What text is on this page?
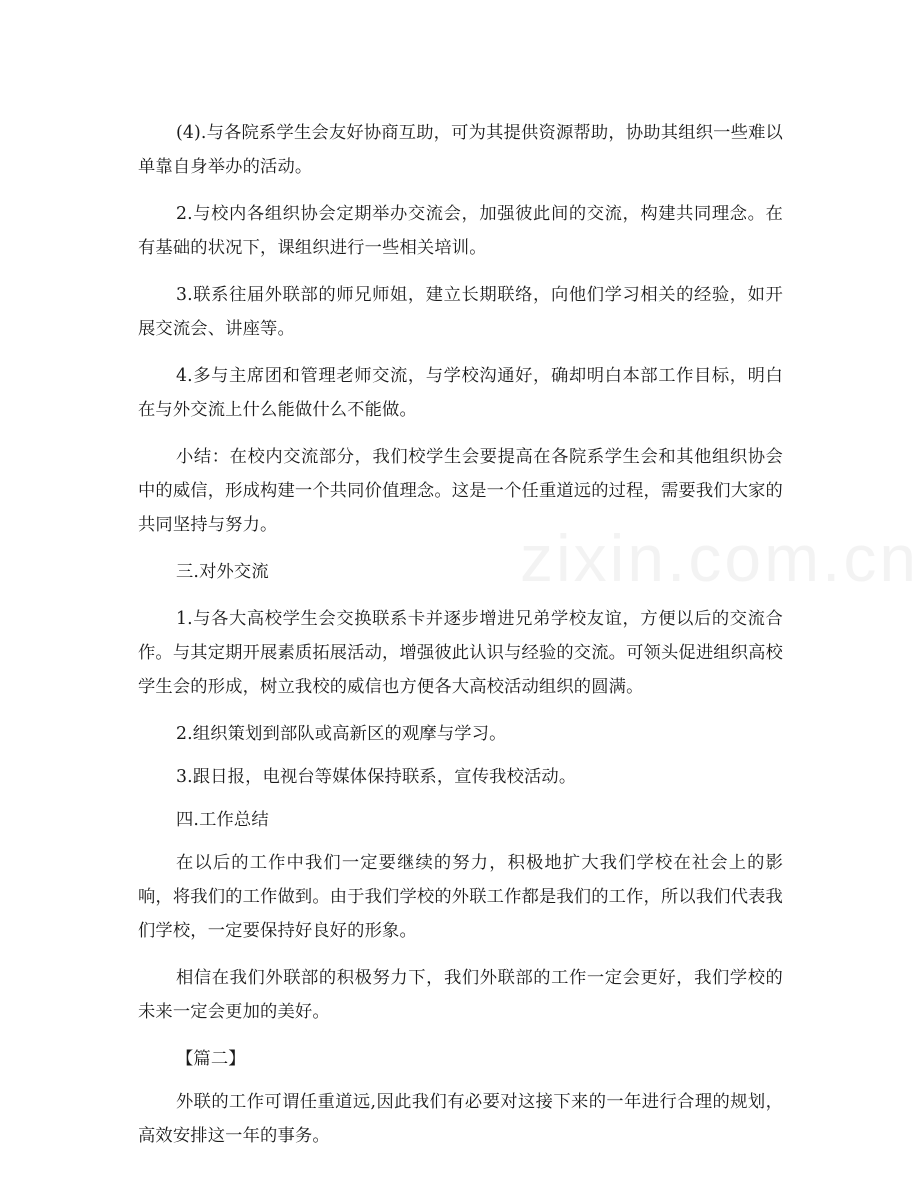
(4).与各院系学生会友好协商互助，可为其提供资源帮助，协助其组织一些难以单靠自身举办的活动。

2.与校内各组织协会定期举办交流会，加强彼此间的交流，构建共同理念。在有基础的状况下，课组织进行一些相关培训。

3.联系往届外联部的师兄师姐，建立长期联络，向他们学习相关的经验，如开展交流会、讲座等。

4.多与主席团和管理老师交流，与学校沟通好，确却明白本部工作目标，明白在与外交流上什么能做什么不能做。

小结：在校内交流部分，我们校学生会要提高在各院系学生会和其他组织协会中的威信，形成构建一个共同价值理念。这是一个任重道远的过程，需要我们大家的共同坚持与努力。

三.对外交流

1.与各大高校学生会交换联系卡并逐步增进兄弟学校友谊，方便以后的交流合作。与其定期开展素质拓展活动，增强彼此认识与经验的交流。可领头促进组织高校学生会的形成，树立我校的威信也方便各大高校活动组织的圆满。

2.组织策划到部队或高新区的观摩与学习。

3.跟日报，电视台等媒体保持联系，宣传我校活动。

四.工作总结

在以后的工作中我们一定要继续的努力，积极地扩大我们学校在社会上的影响，将我们的工作做到。由于我们学校的外联工作都是我们的工作，所以我们代表我们学校，一定要保持好良好的形象。

相信在我们外联部的积极努力下，我们外联部的工作一定会更好，我们学校的未来一定会更加的美好。

【篇二】

外联的工作可谓任重道远,因此我们有必要对这接下来的一年进行合理的规划，高效安排这一年的事务。

zixin.com.cn
